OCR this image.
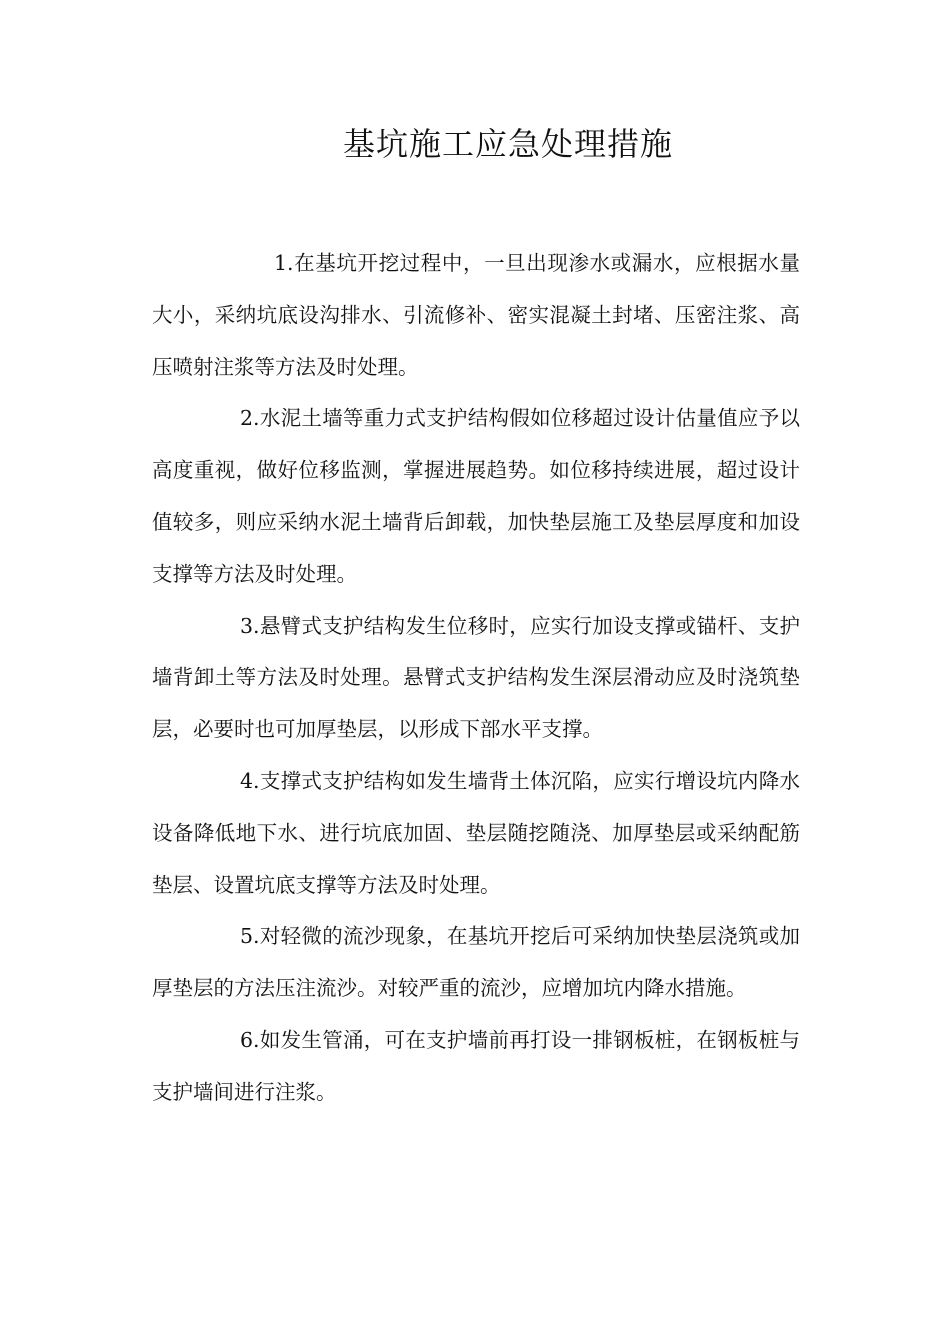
基坑施工应急处理措施

1.在基坑开挖过程中，一旦出现渗水或漏水，应根据水量大小，采纳坑底设沟排水、引流修补、密实混凝土封堵、压密注浆、高压喷射注浆等方法及时处理。

2.水泥土墙等重力式支护结构假如位移超过设计估量值应予以高度重视，做好位移监测，掌握进展趋势。如位移持续进展，超过设计值较多，则应采纳水泥土墙背后卸载，加快垫层施工及垫层厚度和加设支撑等方法及时处理。

3.悬臂式支护结构发生位移时，应实行加设支撑或锚杆、支护墙背卸土等方法及时处理。悬臂式支护结构发生深层滑动应及时浇筑垫层，必要时也可加厚垫层，以形成下部水平支撑。

4.支撑式支护结构如发生墙背土体沉陷，应实行增设坑内降水设备降低地下水、进行坑底加固、垫层随挖随浇、加厚垫层或采纳配筋垫层、设置坑底支撑等方法及时处理。

5.对轻微的流沙现象，在基坑开挖后可采纳加快垫层浇筑或加厚垫层的方法压注流沙。对较严重的流沙，应增加坑内降水措施。

6.如发生管涌，可在支护墙前再打设一排钢板桩，在钢板桩与支护墙间进行注浆。
